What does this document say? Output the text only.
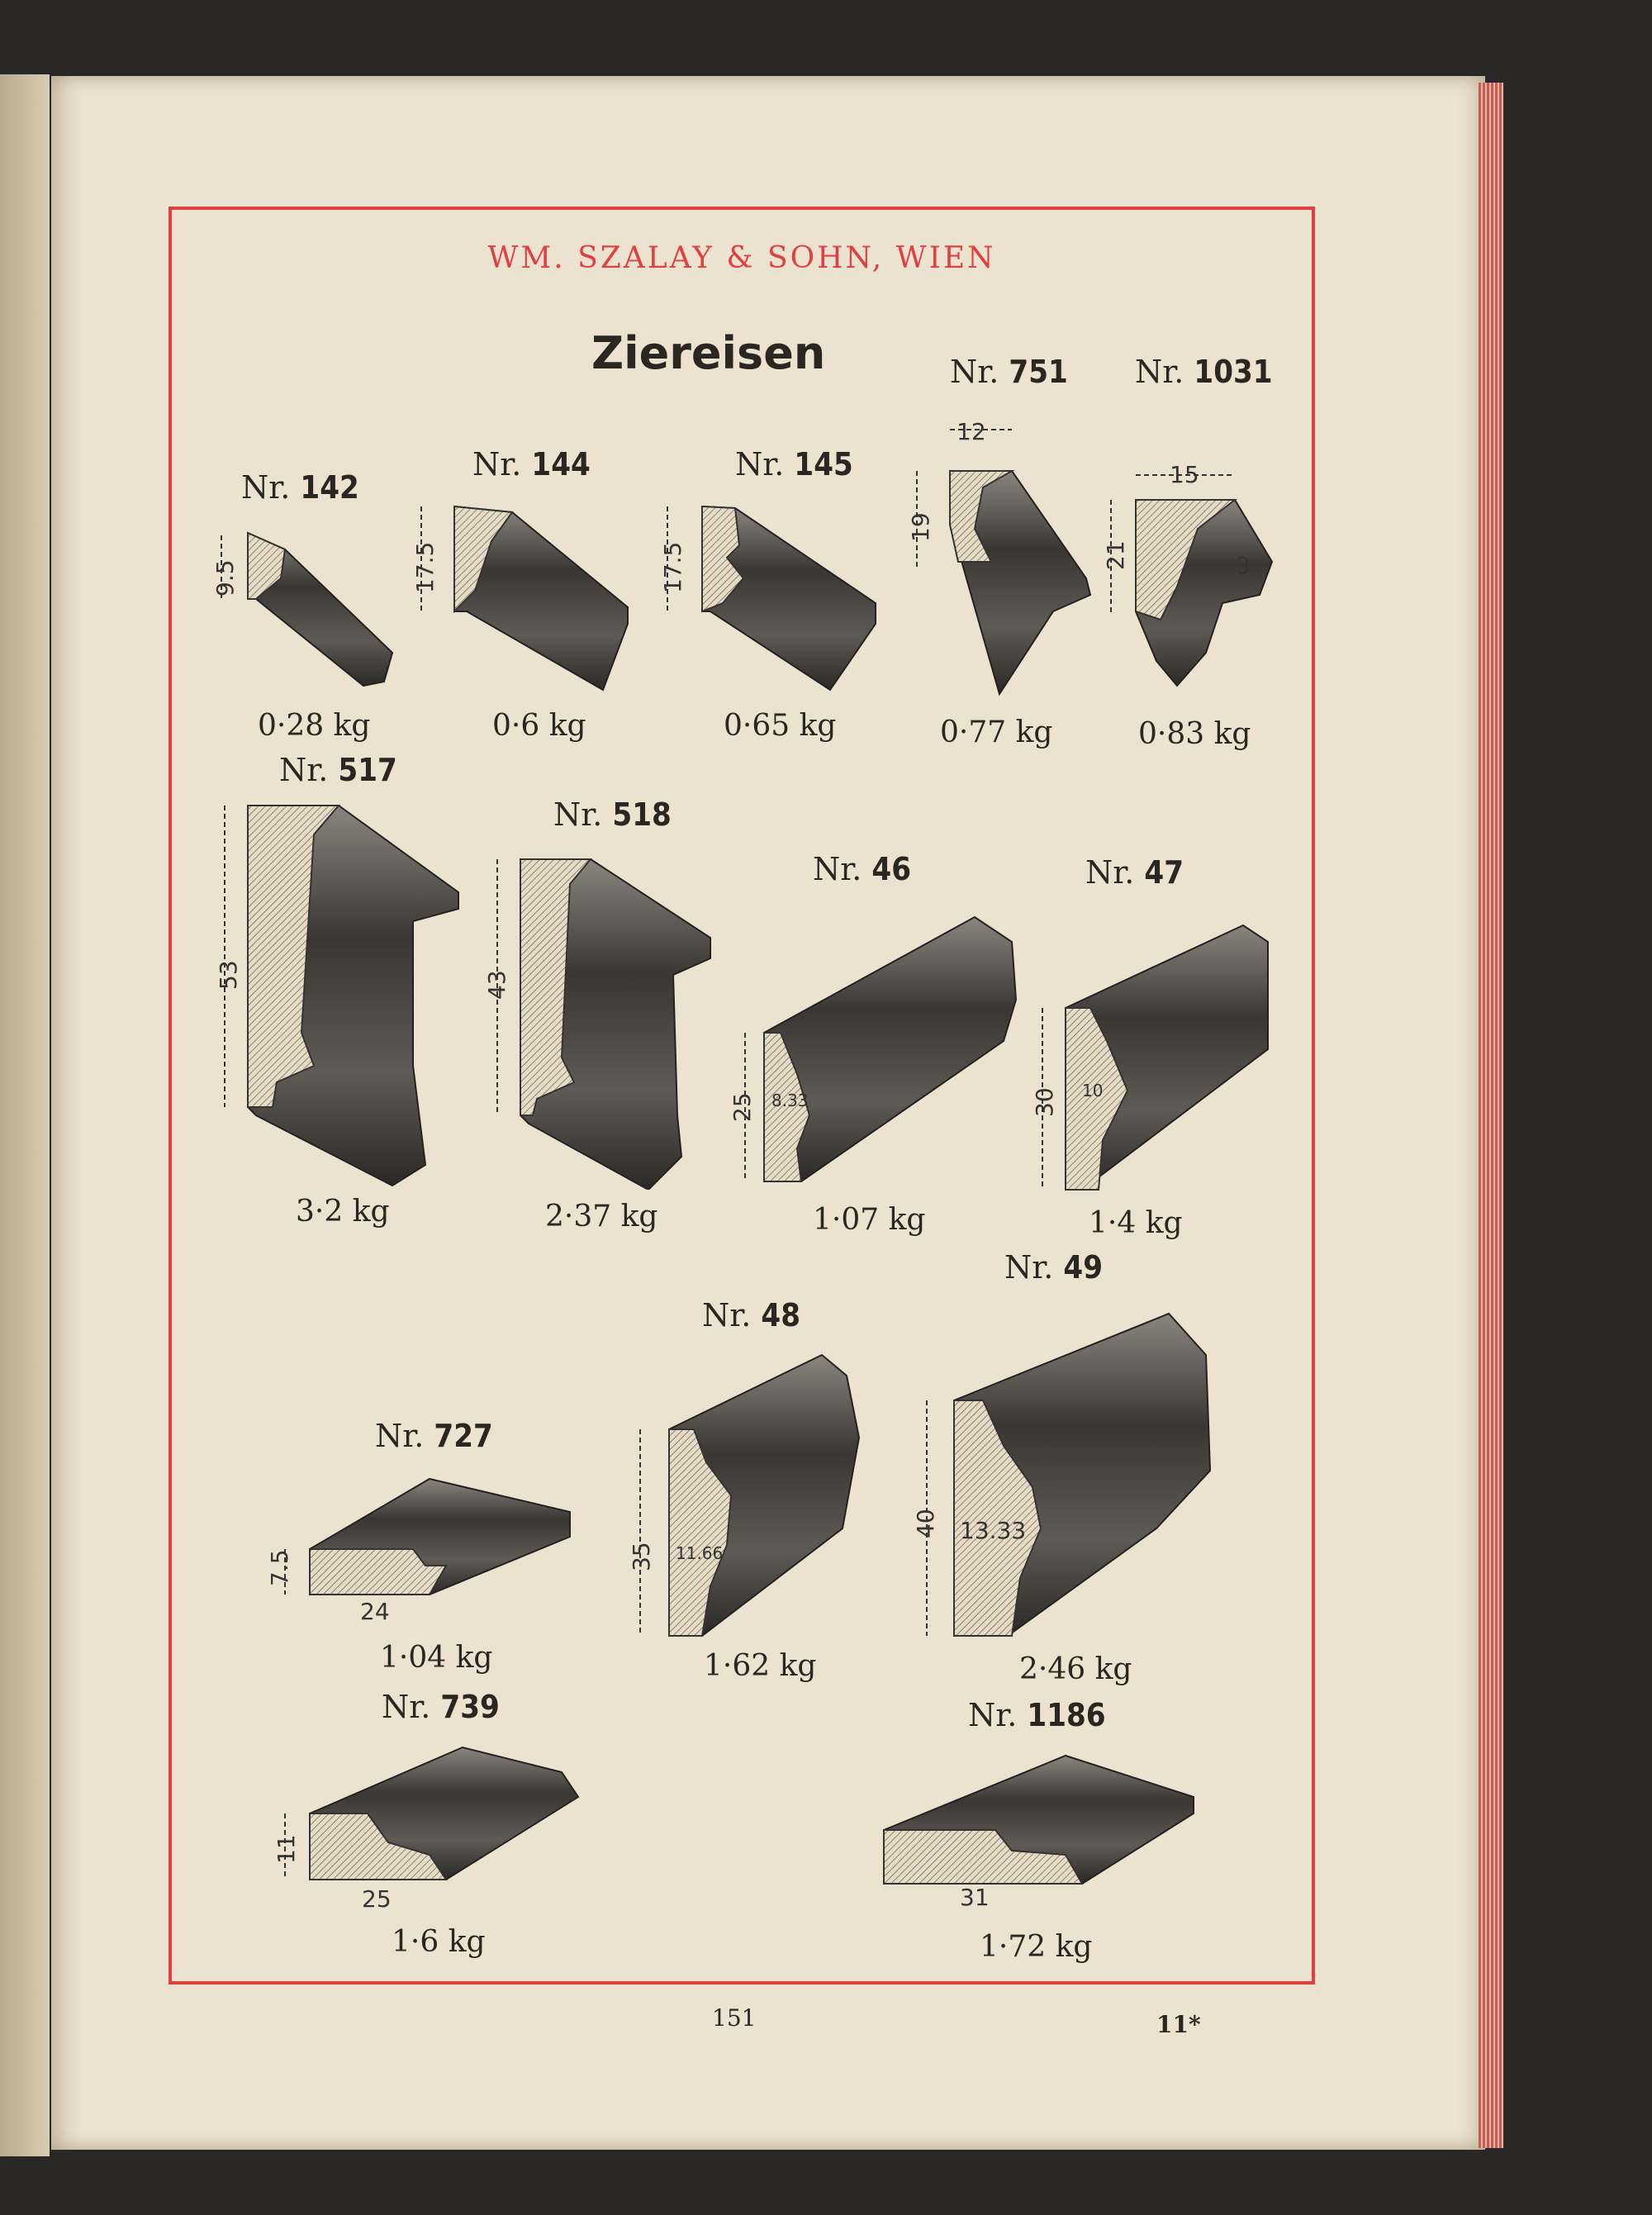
WM. SZALAY & SOHN, WIEN
Ziereisen
Nr. 142
9.5
0·28 kg
Nr. 144
17.5
0·6 kg
Nr. 145
17.5
0·65 kg
Nr. 751
12
19
0·77 kg
Nr. 1031
15
21	3
0·83 kg
Nr. 517
53
3·2 kg
Nr. 518
43
2·37 kg
Nr. 46
25 8.33
1·07 kg
Nr. 47
30 10
1·4 kg
Nr. 49
Nr. 48
Nr. 727
7.5
24
1·04 kg
35 11.66
1·62 kg
40 13.33
2·46 kg
Nr. 739
11
25
1·6 kg
Nr. 1186
31
1·72 kg
151	11*
